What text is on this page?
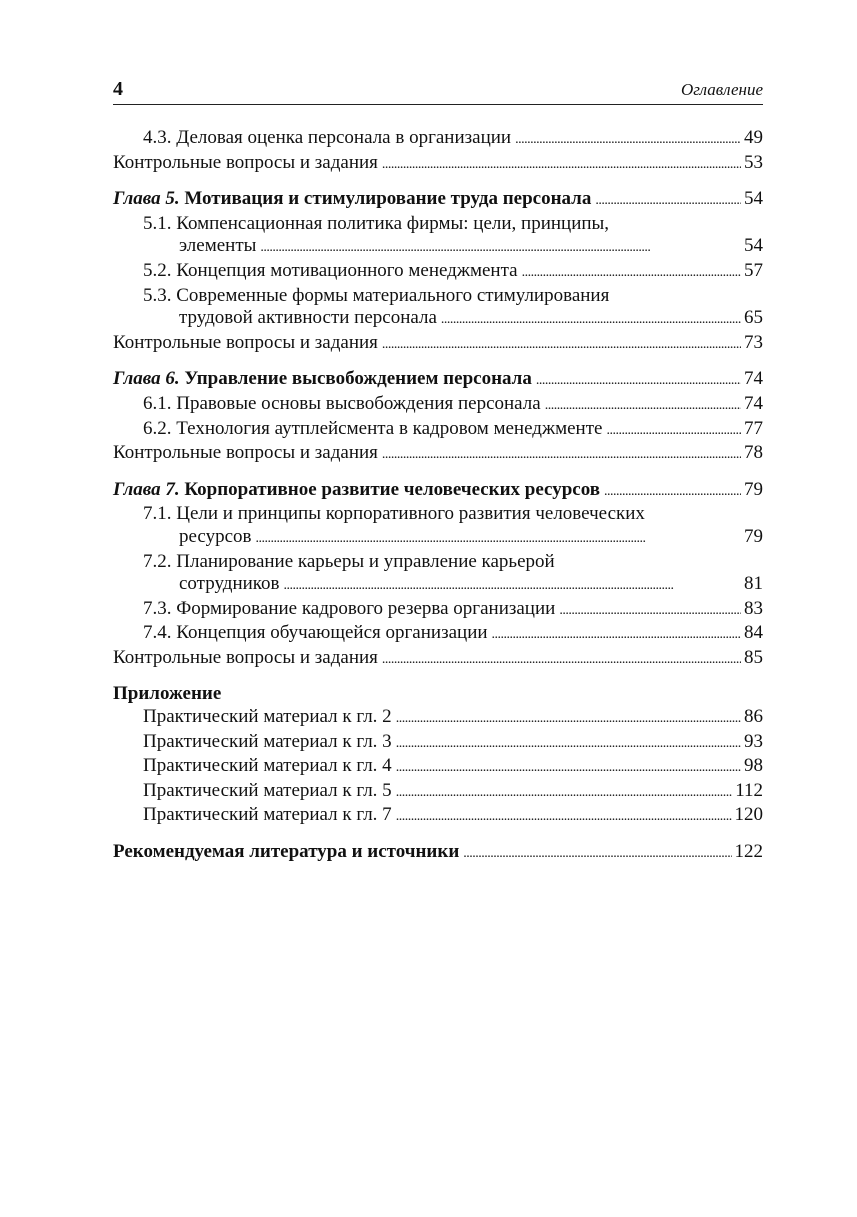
4	Оглавление
4.3. Деловая оценка персонала в организации . . .	49
Контрольные вопросы и задания . . .	53
Глава 5. Мотивация и стимулирование труда персонала . . .	54
5.1. Компенсационная политика фирмы: цели, принципы,
элементы . . .	54
5.2. Концепция мотивационного менеджмента . . .	57
5.3. Современные формы материального стимулирования
трудовой активности персонала . . .	65
Контрольные вопросы и задания . . .	73
Глава 6. Управление высвобождением персонала . . .	74
6.1. Правовые основы высвобождения персонала . . .	74
6.2. Технология аутплейсмента в кадровом менеджменте . . .	77
Контрольные вопросы и задания . . .	78
Глава 7. Корпоративное развитие человеческих ресурсов . . .	79
7.1. Цели и принципы корпоративного развития человеческих
ресурсов . . .	79
7.2. Планирование карьеры и управление карьерой
сотрудников . . .	81
7.3. Формирование кадрового резерва организации . . .	83
7.4. Концепция обучающейся организации . . .	84
Контрольные вопросы и задания . . .	85
Приложение
Практический материал к гл. 2 . . .	86
Практический материал к гл. 3 . . .	93
Практический материал к гл. 4 . . .	98
Практический материал к гл. 5 . . .	112
Практический материал к гл. 7 . . .	120
Рекомендуемая литература и источники . . .	122
